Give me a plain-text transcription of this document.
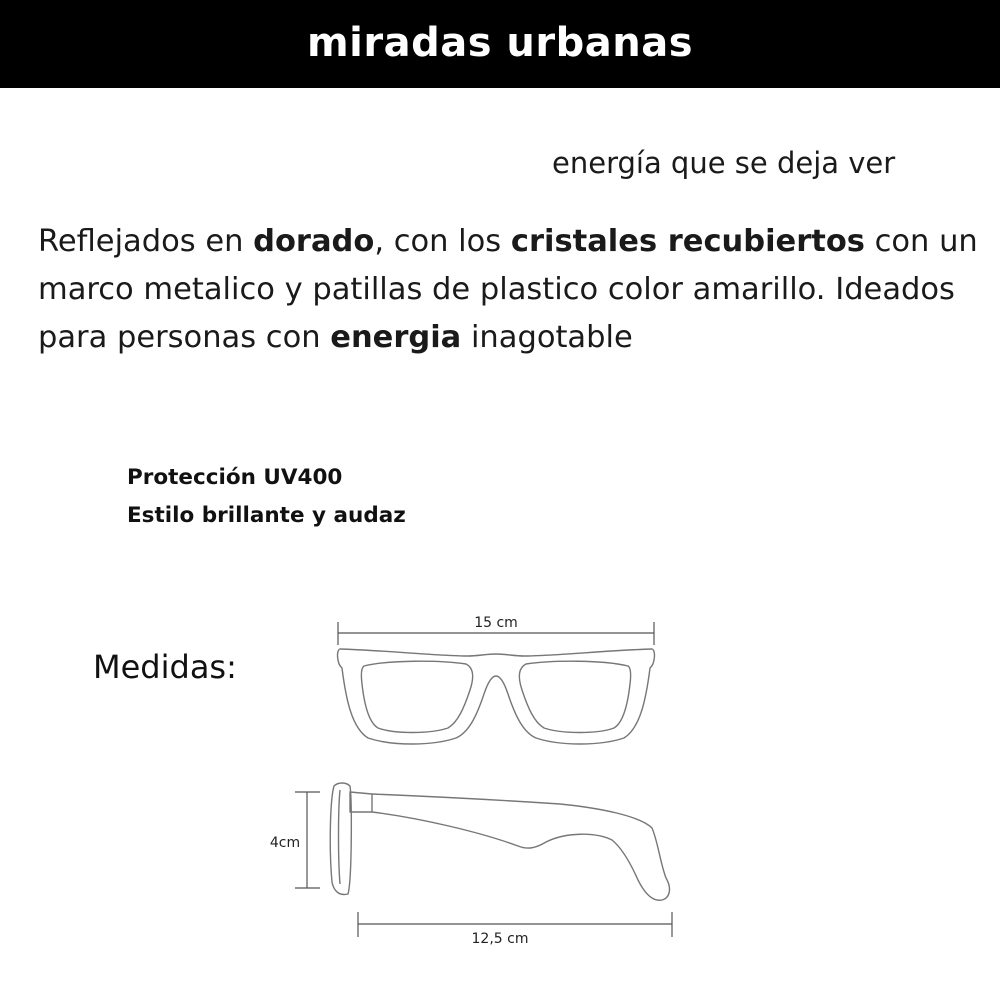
miradas urbanas
energía que se deja ver

Reflejados en dorado, con los cristales recubiertos con un
marco metalico y patillas de plastico color amarillo. Ideados
para personas con energia inagotable

Protección UV400
Estilo brillante y audaz
Medidas:
15 cm
4cm
12,5 cm
